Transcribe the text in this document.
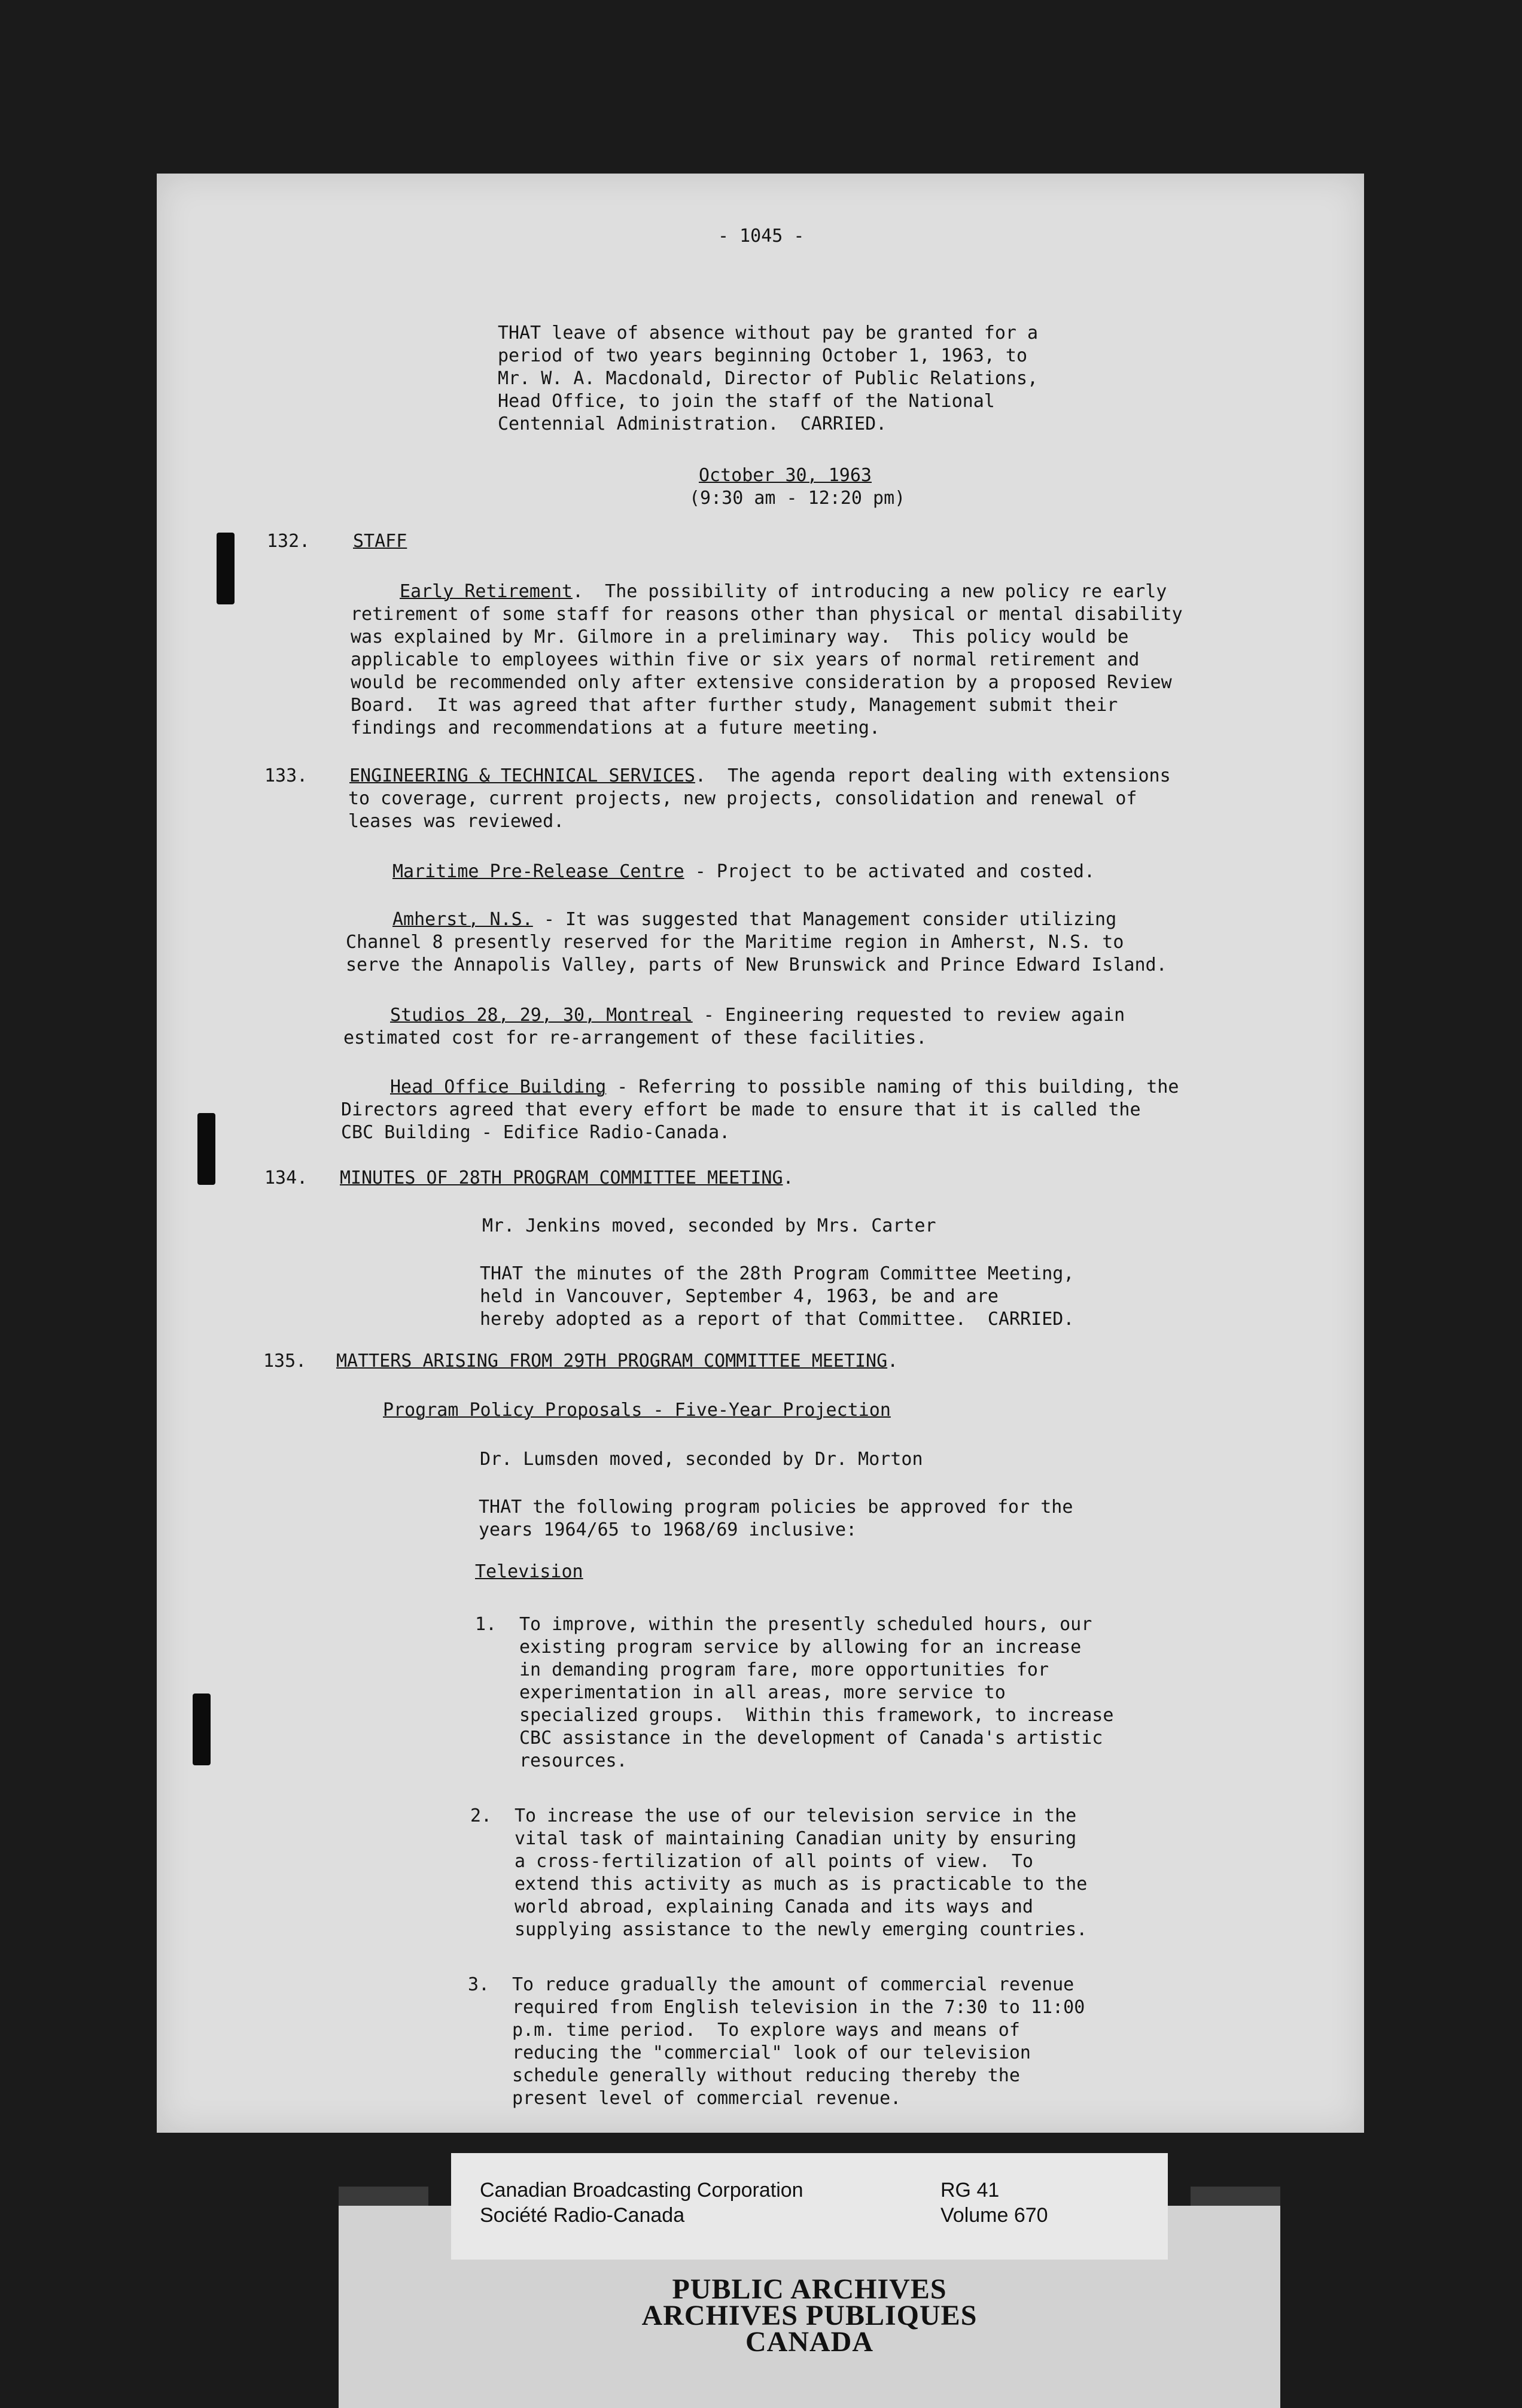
- 1045 -
THAT leave of absence without pay be granted for a
period of two years beginning October 1, 1963, to
Mr. W. A. Macdonald, Director of Public Relations,
Head Office, to join the staff of the National
Centennial Administration.  CARRIED.
October 30, 1963
(9:30 am - 12:20 pm)
132. STAFF
Early Retirement.  The possibility of introducing a new policy re early
retirement of some staff for reasons other than physical or mental disability
was explained by Mr. Gilmore in a preliminary way.  This policy would be
applicable to employees within five or six years of normal retirement and
would be recommended only after extensive consideration by a proposed Review
Board.  It was agreed that after further study, Management submit their
findings and recommendations at a future meeting.
133. ENGINEERING & TECHNICAL SERVICES.  The agenda report dealing with extensions
to coverage, current projects, new projects, consolidation and renewal of
leases was reviewed.
Maritime Pre-Release Centre - Project to be activated and costed.
Amherst, N.S. - It was suggested that Management consider utilizing
Channel 8 presently reserved for the Maritime region in Amherst, N.S. to
serve the Annapolis Valley, parts of New Brunswick and Prince Edward Island.
Studios 28, 29, 30, Montreal - Engineering requested to review again
estimated cost for re-arrangement of these facilities.
Head Office Building - Referring to possible naming of this building, the
Directors agreed that every effort be made to ensure that it is called the
CBC Building - Edifice Radio-Canada.
134. MINUTES OF 28TH PROGRAM COMMITTEE MEETING.
Mr. Jenkins moved, seconded by Mrs. Carter
THAT the minutes of the 28th Program Committee Meeting,
held in Vancouver, September 4, 1963, be and are
hereby adopted as a report of that Committee.  CARRIED.
135. MATTERS ARISING FROM 29TH PROGRAM COMMITTEE MEETING.
Program Policy Proposals - Five-Year Projection
Dr. Lumsden moved, seconded by Dr. Morton
THAT the following program policies be approved for the
years 1964/65 to 1968/69 inclusive:
Television
1. To improve, within the presently scheduled hours, our
existing program service by allowing for an increase
in demanding program fare, more opportunities for
experimentation in all areas, more service to
specialized groups.  Within this framework, to increase
CBC assistance in the development of Canada's artistic
resources.
2. To increase the use of our television service in the
vital task of maintaining Canadian unity by ensuring
a cross-fertilization of all points of view.  To
extend this activity as much as is practicable to the
world abroad, explaining Canada and its ways and
supplying assistance to the newly emerging countries.
3. To reduce gradually the amount of commercial revenue
required from English television in the 7:30 to 11:00
p.m. time period.  To explore ways and means of
reducing the "commercial" look of our television
schedule generally without reducing thereby the
present level of commercial revenue.
PUBLIC ARCHIVES
ARCHIVES PUBLIQUES
CANADA
Canadian Broadcasting Corporation
Société Radio-Canada
RG 41
Volume 670
